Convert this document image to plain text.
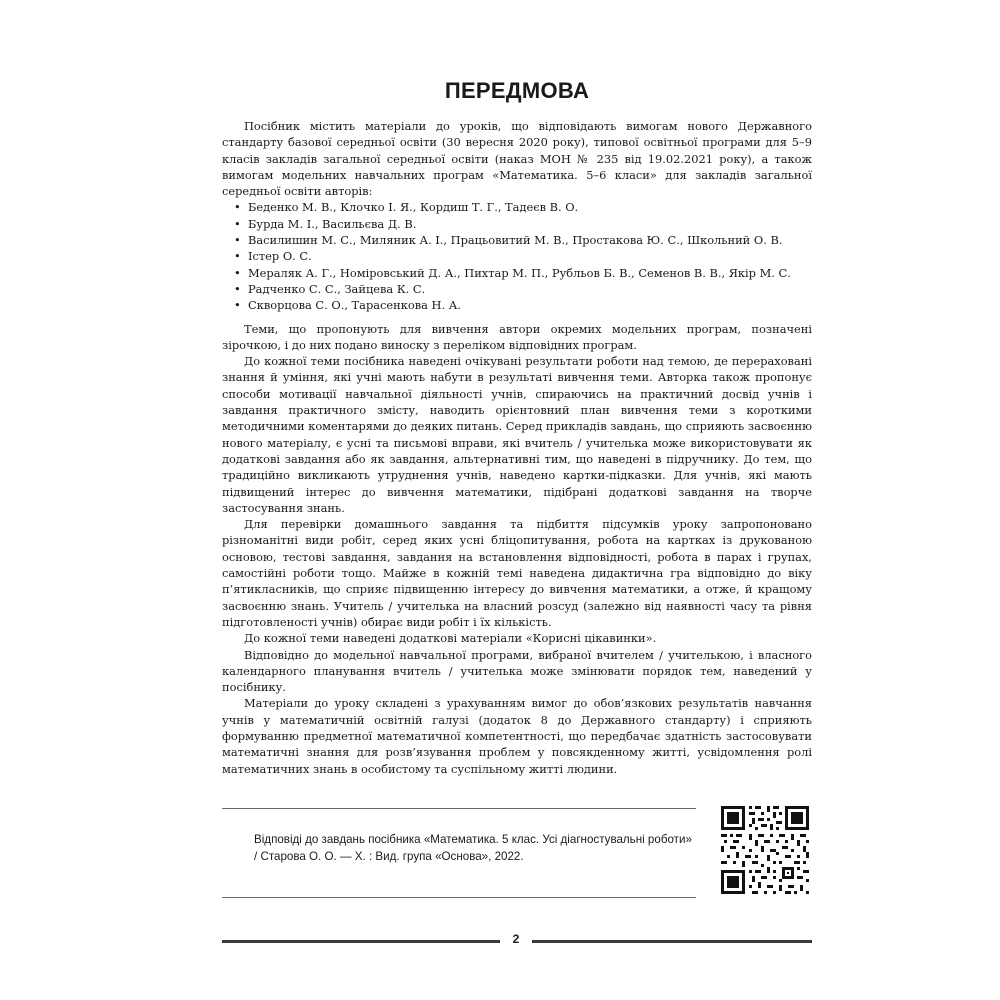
ПЕРЕДМОВА

Посібник містить матеріали до уроків, що відповідають вимогам нового Державного стандарту базової середньої освіти (30 вересня 2020 року), типової освітньої програми для 5–9 класів закладів загальної середньої освіти (наказ МОН № 235 від 19.02.2021 року), а також вимогам модельних навчальних програм «Математика. 5–6 класи» для закладів загальної середньої освіти авторів:

• Беденко М. В., Клочко І. Я., Кордиш Т. Г., Тадеєв В. О.
• Бурда М. І., Васильєва Д. В.
• Василишин М. С., Миляник А. І., Працьовитий М. В., Простакова Ю. С., Школьний О. В.
• Істер О. С.
• Мераляк А. Г., Номіровський Д. А., Пихтар М. П., Рубльов Б. В., Семенов В. В., Якір М. С.
• Радченко С. С., Зайцева К. С.
• Скворцова С. О., Тарасенкова Н. А.

Теми, що пропонують для вивчення автори окремих модельних програм, позначені зірочкою, і до них подано виноску з переліком відповідних програм.

До кожної теми посібника наведені очікувані результати роботи над темою, де перераховані знання й уміння, які учні мають набути в результаті вивчення теми. Авторка також пропонує способи мотивації навчальної діяльності учнів, спираючись на практичний досвід учнів і завдання практичного змісту, наводить орієнтовний план вивчення теми з короткими методичними коментарями до деяких питань. Серед прикладів завдань, що сприяють засвоєнню нового матеріалу, є усні та письмові вправи, які вчитель / учителька може використовувати як додаткові завдання або як завдання, альтернативні тим, що наведені в підручнику. До тем, що традиційно викликають утруднення учнів, наведено картки-підказки. Для учнів, які мають підвищений інтерес до вивчення математики, підібрані додаткові завдання на творче застосування знань.

Для перевірки домашнього завдання та підбиття підсумків уроку запропоновано різноманітні види робіт, серед яких усні бліцопитування, робота на картках із друкованою основою, тестові завдання, завдання на встановлення відповідності, робота в парах і групах, самостійні роботи тощо. Майже в кожній темі наведена дидактична гра відповідно до віку п’ятикласників, що сприяє підвищенню інтересу до вивчення математики, а отже, й кращому засвоєнню знань. Учитель / учителька на власний розсуд (залежно від наявності часу та рівня підготовленості учнів) обирає види робіт і їх кількість.

До кожної теми наведені додаткові матеріали «Корисні цікавинки».

Відповідно до модельної навчальної програми, вибраної вчителем / учителькою, і власного календарного планування вчитель / учителька може змінювати порядок тем, наведений у посібнику.

Матеріали до уроку складені з урахуванням вимог до обов’язкових результатів навчання учнів у математичній освітній галузі (додаток 8 до Державного стандарту) і сприяють формуванню предметної математичної компетентності, що передбачає здатність застосовувати математичні знання для розв’язування проблем у повсякденному житті, усвідомлення ролі математичних знань в особистому та суспільному житті людини.

Відповіді до завдань посібника «Математика. 5 клас. Усі діагностувальні роботи»
/ Старова О. О. — Х. : Вид. група «Основа», 2022.
2
